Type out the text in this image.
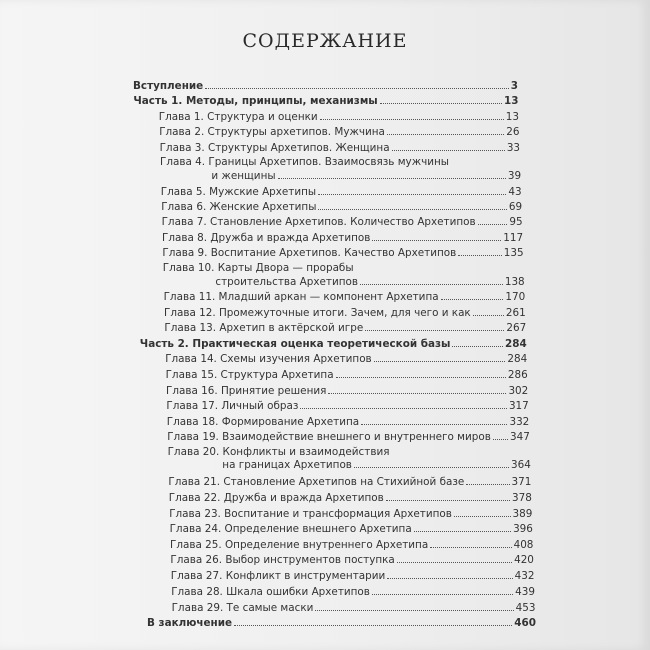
СОДЕРЖАНИЕ
Вступление	3
Часть 1. Методы, принципы, механизмы	13
Глава 1. Структура и оценки	13
Глава 2. Структуры архетипов. Мужчина	26
Глава 3. Структуры Архетипов. Женщина	33
Глава 4. Границы Архетипов. Взаимосвязь мужчины
и женщины	39
Глава 5. Мужские Архетипы	43
Глава 6. Женские Архетипы	69
Глава 7. Становление Архетипов. Количество Архетипов	95
Глава 8. Дружба и вражда Архетипов	117
Глава 9. Воспитание Архетипов. Качество Архетипов	135
Глава 10. Карты Двора — прорабы
строительства Архетипов	138
Глава 11. Младший аркан — компонент Архетипа	170
Глава 12. Промежуточные итоги. Зачем, для чего и как	261
Глава 13. Архетип в актёрской игре	267
Часть 2. Практическая оценка теоретической базы	284
Глава 14. Схемы изучения Архетипов	284
Глава 15. Структура Архетипа	286
Глава 16. Принятие решения	302
Глава 17. Личный образ	317
Глава 18. Формирование Архетипа	332
Глава 19. Взаимодействие внешнего и внутреннего миров 347
Глава 20. Конфликты и взаимодействия
на границах Архетипов	364
Глава 21. Становление Архетипов на Стихийной базе	371
Глава 22. Дружба и вражда Архетипов	378
Глава 23. Воспитание и трансформация Архетипов	389
Глава 24. Определение внешнего Архетипа	396
Глава 25. Определение внутреннего Архетипа	408
Глава 26. Выбор инструментов поступка	420
Глава 27. Конфликт в инструментарии	432
Глава 28. Шкала ошибки Архетипов	439
Глава 29. Те самые маски	453
В заключение	460
